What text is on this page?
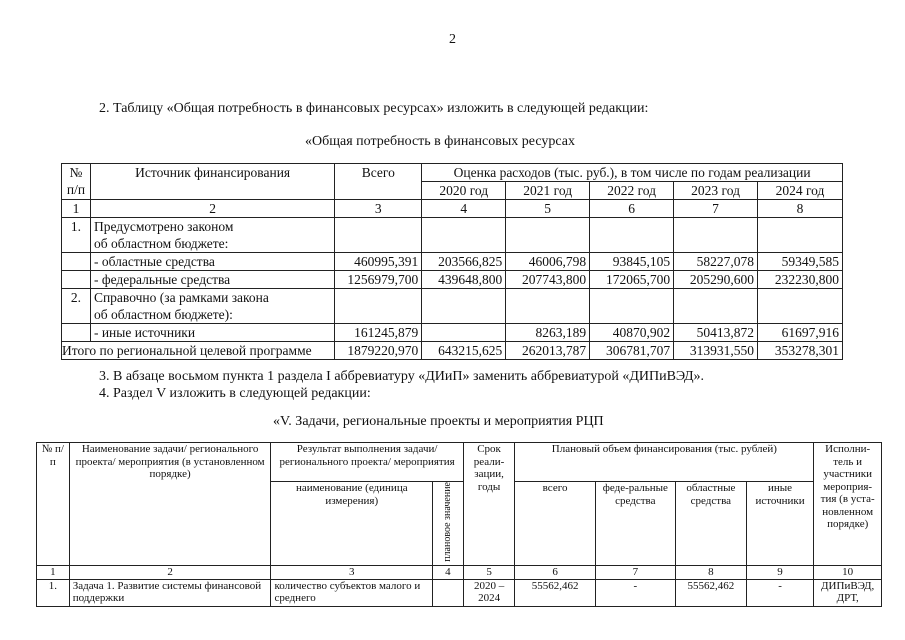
2
2. Таблицу «Общая потребность в финансовых ресурсах» изложить в следующей редакции:
«Общая потребность в финансовых ресурсах
№ п/п	Источник финансирования	Всего	Оценка расходов (тыс. руб.), в том числе по годам реализации				
			2020 год	2021 год	2022 год	2023 год	2024 год
1	2	3	4	5	6	7	8
1.	Предусмотрено законом						
	об областном бюджете:						
	- областные средства	460995,391	203566,825	46006,798	93845,105	58227,078	59349,585
	- федеральные средства	1256979,700	439648,800	207743,800	172065,700	205290,600	232230,800
2.	Справочно (за рамками закона						
	об областном бюджете):						
	- иные источники	161245,879		8263,189	40870,902	50413,872	61697,916
Итого по региональной целевой программе		1879220,970	643215,625	262013,787	306781,707	313931,550	353278,301
3. В абзаце восьмом пункта 1 раздела I аббревиатуру «ДИиП» заменить аббревиатурой «ДИПиВЭД».
4. Раздел V изложить в следующей редакции:
«V. Задачи, региональные проекты и мероприятия РЦП
№ п/п	Наименование задачи/ регионального проекта/ мероприятия (в установленном порядке)	Результат выполнения задачи/ регионального проекта/ мероприятия		Срок реали-зации, годы	Плановый объем финансирования (тыс. рублей)				Исполни-тель и участники мероприя-тия (в уста-новленном порядке)
		наименование (единица измерения)	плановое значение		всего	феде-ральные средства	областные средства	иные источники	
1	2	3	4	5	6	7	8	9	10
1.	Задача 1. Развитие системы финансовой поддержки	количество субъектов малого и среднего		2020 – 2024	55562,462	-	55562,462	-	ДИПиВЭД, ДРТ,
